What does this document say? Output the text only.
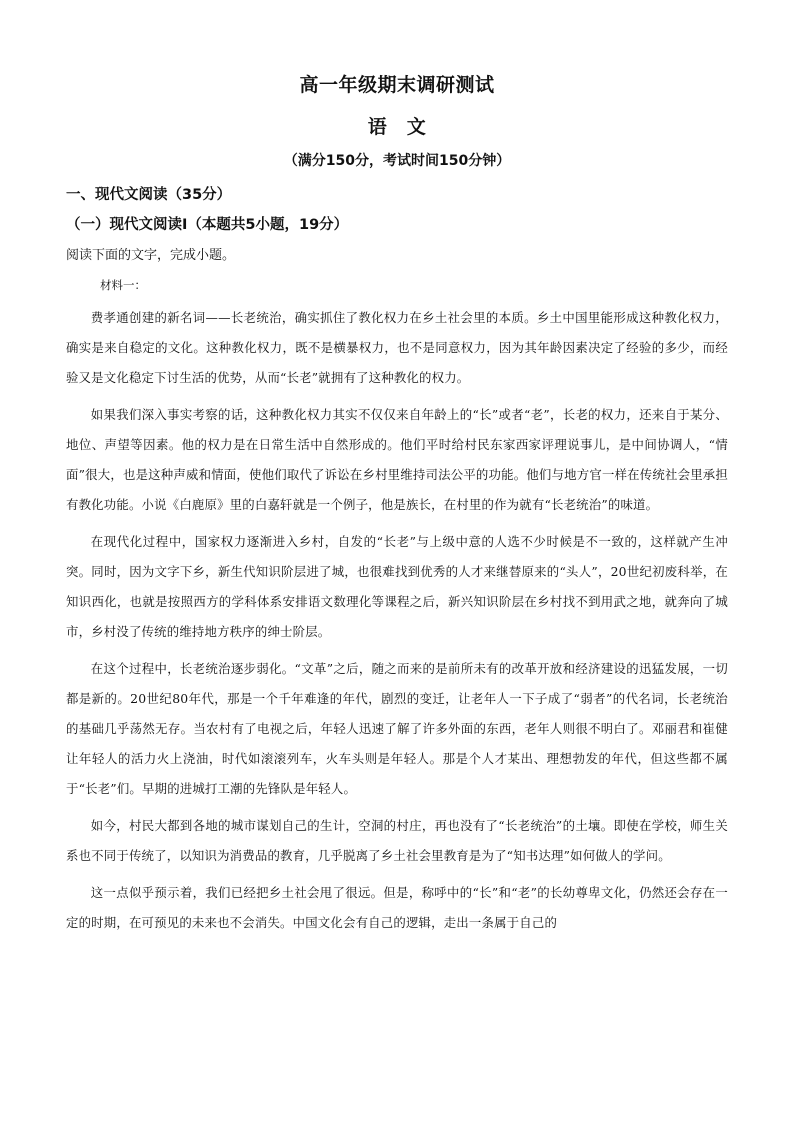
高一年级期末调研测试
语　文
（满分150分，考试时间150分钟）
一、现代文阅读（35分）
（一）现代文阅读Ⅰ（本题共5小题，19分）
阅读下面的文字，完成小题。
材料一：

费孝通创建的新名词——长老统治，确实抓住了教化权力在乡土社会里的本质。乡土中国里能形成这种教化权力，确实是来自稳定的文化。这种教化权力，既不是横暴权力，也不是同意权力，因为其年龄因素决定了经验的多少，而经验又是文化稳定下讨生活的优势，从而“长老”就拥有了这种教化的权力。

如果我们深入事实考察的话，这种教化权力其实不仅仅来自年龄上的“长”或者“老”，长老的权力，还来自于某分、地位、声望等因素。他的权力是在日常生活中自然形成的。他们平时给村民东家西家评理说事儿，是中间协调人，“情面”很大，也是这种声威和情面，使他们取代了诉讼在乡村里维持司法公平的功能。他们与地方官一样在传统社会里承担有教化功能。小说《白鹿原》里的白嘉轩就是一个例子，他是族长，在村里的作为就有“长老统治”的味道。

在现代化过程中，国家权力逐渐进入乡村，自发的“长老”与上级中意的人选不少时候是不一致的，这样就产生冲突。同时，因为文字下乡，新生代知识阶层进了城，也很难找到优秀的人才来继替原来的“头人”，20世纪初废科举，在知识西化，也就是按照西方的学科体系安排语文数理化等课程之后，新兴知识阶层在乡村找不到用武之地，就奔向了城市，乡村没了传统的维持地方秩序的绅士阶层。

在这个过程中，长老统治逐步弱化。“文革”之后，随之而来的是前所未有的改革开放和经济建设的迅猛发展，一切都是新的。20世纪80年代，那是一个千年难逢的年代，剧烈的变迁，让老年人一下子成了“弱者”的代名词，长老统治的基础几乎荡然无存。当农村有了电视之后，年轻人迅速了解了许多外面的东西，老年人则很不明白了。邓丽君和崔健让年轻人的活力火上浇油，时代如滚滚列车，火车头则是年轻人。那是个人才某出、理想勃发的年代，但这些都不属于“长老”们。早期的进城打工潮的先锋队是年轻人。

如今，村民大都到各地的城市谋划自己的生计，空洞的村庄，再也没有了“长老统治”的土壤。即使在学校，师生关系也不同于传统了，以知识为消费品的教育，几乎脱离了乡土社会里教育是为了“知书达理”如何做人的学问。

这一点似乎预示着，我们已经把乡土社会甩了很远。但是，称呼中的“长”和“老”的长幼尊卑文化，仍然还会存在一定的时期，在可预见的未来也不会消失。中国文化会有自己的逻辑，走出一条属于自己的
